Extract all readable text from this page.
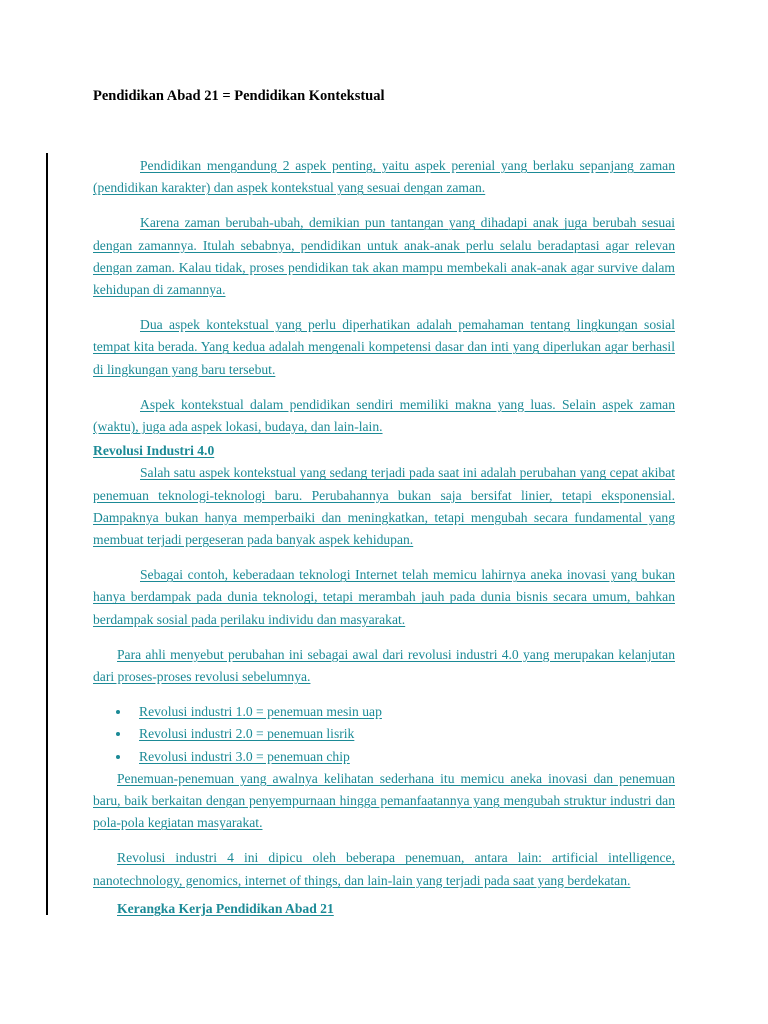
Pendidikan Abad 21 = Pendidikan Kontekstual

Pendidikan mengandung 2 aspek penting, yaitu aspek perenial yang berlaku sepanjang zaman (pendidikan karakter) dan aspek kontekstual yang sesuai dengan zaman.

Karena zaman berubah-ubah, demikian pun tantangan yang dihadapi anak juga berubah sesuai dengan zamannya. Itulah sebabnya, pendidikan untuk anak-anak perlu selalu beradaptasi agar relevan dengan zaman. Kalau tidak, proses pendidikan tak akan mampu membekali anak-anak agar survive dalam kehidupan di zamannya.

Dua aspek kontekstual yang perlu diperhatikan adalah pemahaman tentang lingkungan sosial tempat kita berada. Yang kedua adalah mengenali kompetensi dasar dan inti yang diperlukan agar berhasil di lingkungan yang baru tersebut.

Aspek kontekstual dalam pendidikan sendiri memiliki makna yang luas. Selain aspek zaman (waktu), juga ada aspek lokasi, budaya, dan lain-lain.

Revolusi Industri 4.0

Salah satu aspek kontekstual yang sedang terjadi pada saat ini adalah perubahan yang cepat akibat penemuan teknologi-teknologi baru. Perubahannya bukan saja bersifat linier, tetapi eksponensial. Dampaknya bukan hanya memperbaiki dan meningkatkan, tetapi mengubah secara fundamental yang membuat terjadi pergeseran pada banyak aspek kehidupan.

Sebagai contoh, keberadaan teknologi Internet telah memicu lahirnya aneka inovasi yang bukan hanya berdampak pada dunia teknologi, tetapi merambah jauh pada dunia bisnis secara umum, bahkan berdampak sosial pada perilaku individu dan masyarakat.

Para ahli menyebut perubahan ini sebagai awal dari revolusi industri 4.0 yang merupakan kelanjutan dari proses-proses revolusi sebelumnya.

Revolusi industri 1.0 = penemuan mesin uap
Revolusi industri 2.0 = penemuan lisrik
Revolusi industri 3.0 = penemuan chip

Penemuan-penemuan yang awalnya kelihatan sederhana itu memicu aneka inovasi dan penemuan baru, baik berkaitan dengan penyempurnaan hingga pemanfaatannya yang mengubah struktur industri dan pola-pola kegiatan masyarakat.

Revolusi industri 4 ini dipicu oleh beberapa penemuan, antara lain: artificial intelligence, nanotechnology, genomics, internet of things, dan lain-lain yang terjadi pada saat yang berdekatan.

Kerangka Kerja Pendidikan Abad 21
